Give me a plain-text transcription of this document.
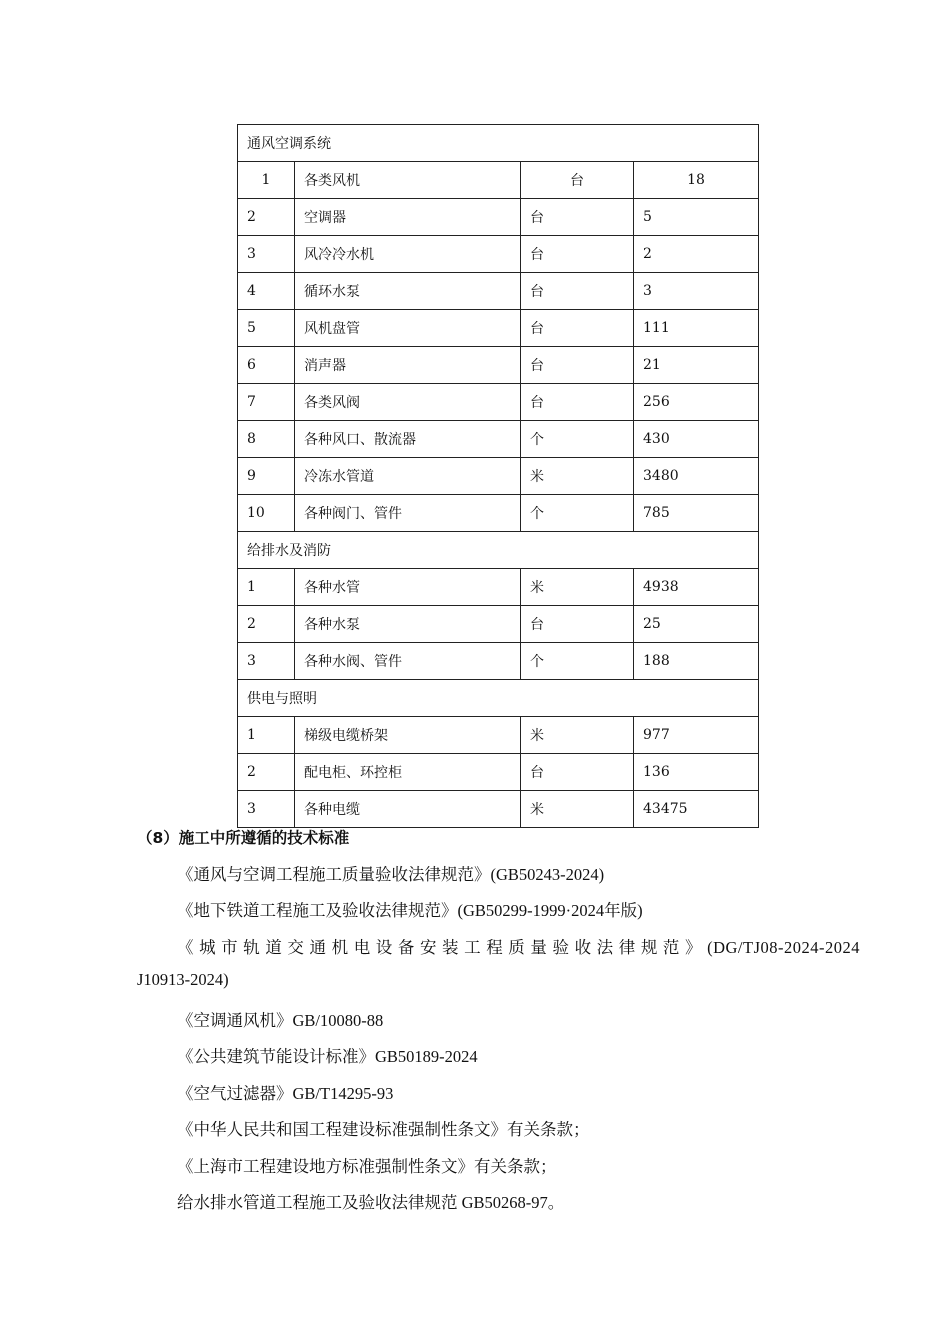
通风空调系统			
1	各类风机	台	18
2	空调器	台	5
3	风冷冷水机	台	2
4	循环水泵	台	3
5	风机盘管	台	111
6	消声器	台	21
7	各类风阀	台	256
8	各种风口、散流器	个	430
9	冷冻水管道	米	3480
10	各种阀门、管件	个	785
给排水及消防			
1	各种水管	米	4938
2	各种水泵	台	25
3	各种水阀、管件	个	188
供电与照明			
1	梯级电缆桥架	米	977
2	配电柜、环控柜	台	136
3	各种电缆	米	43475
（8）施工中所遵循的技术标准
《通风与空调工程施工质量验收法律规范》(GB50243-2024)
《地下铁道工程施工及验收法律规范》(GB50299-1999·2024年版)
《城市轨道交通机电设备安装工程质量验收法律规范》(DG/TJ08-2024-2024
J10913-2024)
《空调通风机》GB/10080-88
《公共建筑节能设计标准》GB50189-2024
《空气过滤器》GB/T14295-93
《中华人民共和国工程建设标准强制性条文》有关条款；
《上海市工程建设地方标准强制性条文》有关条款；
给水排水管道工程施工及验收法律规范 GB50268-97。
